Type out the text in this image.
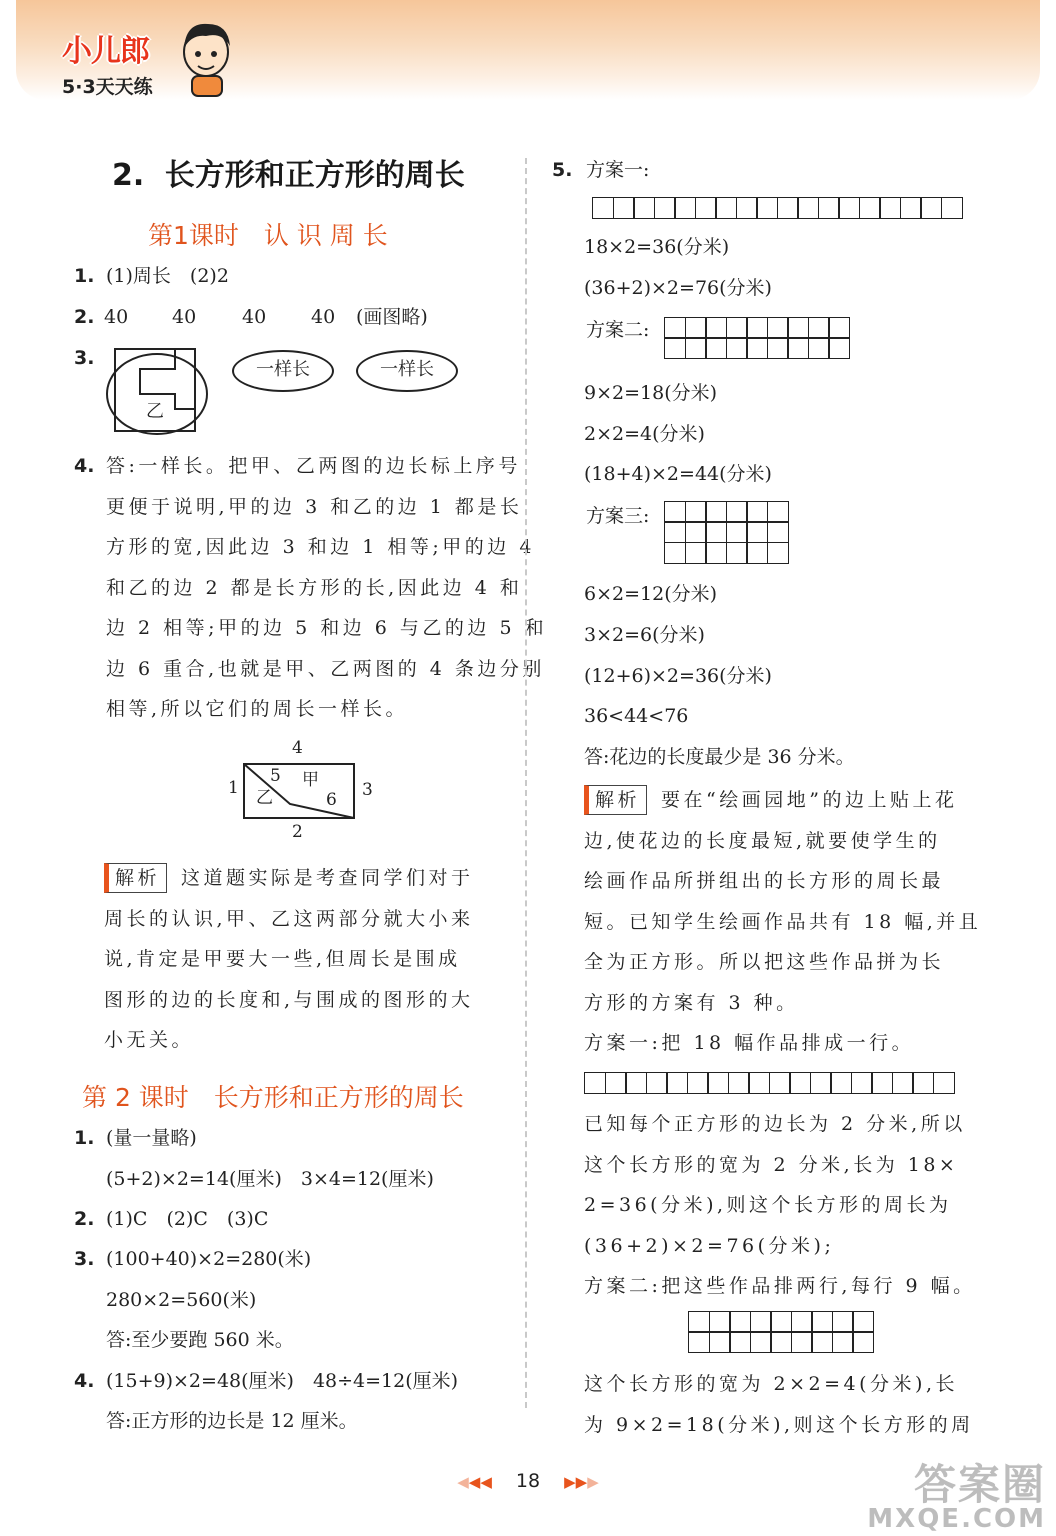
小儿郎
5·3天天练
2. 长方形和正方形的周长
第1课时　认 识 周 长
1. (1)周长　(2)2
2. 40 40 40 40 (画图略)
3.
乙
一样长	一样长
4. 答:一样长。把甲、乙两图的边长标上序号
更便于说明,甲的边 3 和乙的边 1 都是长
方形的宽,因此边 3 和边 1 相等;甲的边 4
和乙的边 2 都是长方形的长,因此边 4 和
边 2 相等;甲的边 5 和边 6 与乙的边 5 和
边 6 重合,也就是甲、乙两图的 4 条边分别
相等,所以它们的周长一样长。
4
2
1	3
5
6
甲
乙
解析 这道题实际是考查同学们对于
周长的认识,甲、乙这两部分就大小来
说,肯定是甲要大一些,但周长是围成
图形的边的长度和,与围成的图形的大
小无关。
第 2 课时　长方形和正方形的周长
1. (量一量略)
(5+2)×2=14(厘米)　3×4=12(厘米)
2. (1)C　(2)C　(3)C
3. (100+40)×2=280(米)
280×2=560(米)
答:至少要跑 560 米。
4. (15+9)×2=48(厘米)　48÷4=12(厘米)
答:正方形的边长是 12 厘米。
5. 方案一:
18×2=36(分米)
(36+2)×2=76(分米)
方案二:
9×2=18(分米)
2×2=4(分米)
(18+4)×2=44(分米)
方案三:
6×2=12(分米)
3×2=6(分米)
(12+6)×2=36(分米)
36<44<76
答:花边的长度最少是 36 分米。
解析 要在“绘画园地”的边上贴上花
边,使花边的长度最短,就要使学生的
绘画作品所拼组出的长方形的周长最
短。已知学生绘画作品共有 18 幅,并且
全为正方形。所以把这些作品拼为长
方形的方案有 3 种。
方案一:把 18 幅作品排成一行。
已知每个正方形的边长为 2 分米,所以
这个长方形的宽为 2 分米,长为 18×
2=36(分米),则这个长方形的周长为
(36+2)×2=76(分米);
方案二:把这些作品排两行,每行 9 幅。
这个长方形的宽为 2×2=4(分米),长
为 9×2=18(分米),则这个长方形的周
◀◀◀ 18 ▶▶▶	答案圈
MXQE.COM
